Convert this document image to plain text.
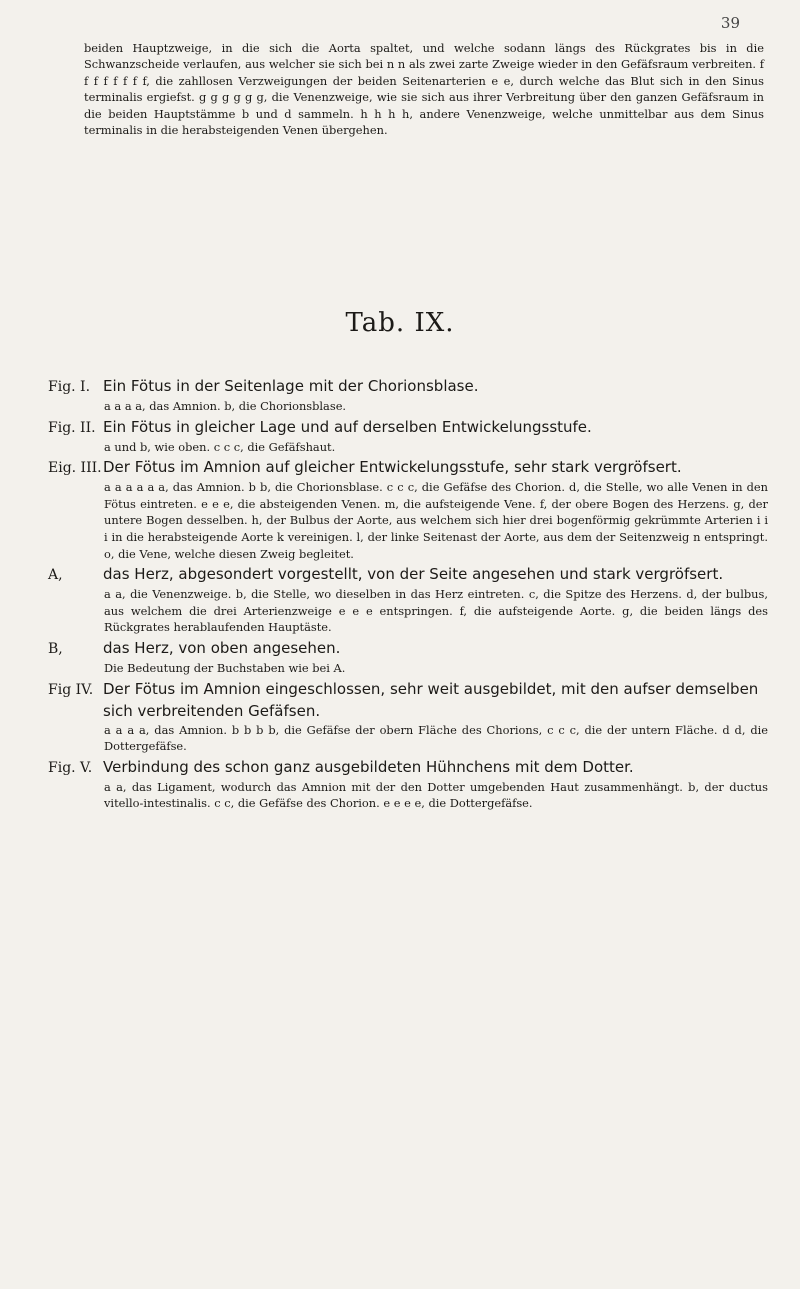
39

beiden Hauptzweige, in die sich die Aorta spaltet, und welche sodann längs des Rückgrates bis in die Schwanzscheide verlaufen, aus welcher sie sich bei n n als zwei zarte Zweige wieder in den Gefäfsraum verbreiten. f f f f f f f f, die zahllosen Verzweigungen der beiden Seitenarterien e e, durch welche das Blut sich in den Sinus terminalis ergiefst. g g g g g g, die Venenzweige, wie sie sich aus ihrer Verbreitung über den ganzen Gefäfsraum in die beiden Hauptstämme b und d sammeln. h h h h, andere Venenzweige, welche unmittelbar aus dem Sinus terminalis in die herabsteigenden Venen übergehen.

Tab. IX.
Fig. I. Ein Fötus in der Seitenlage mit der Chorionsblase.
a a a a, das Amnion. b, die Chorionsblase.
Fig. II. Ein Fötus in gleicher Lage und auf derselben Entwickelungsstufe.
a und b, wie oben. c c c, die Gefäfshaut.
Eig. III.Der Fötus im Amnion auf gleicher Entwickelungsstufe, sehr stark vergröfsert.
a a a a a a, das Amnion. b b, die Chorionsblase. c c c, die Gefäfse des Chorion. d, die Stelle, wo alle Venen in den Fötus eintreten. e e e, die absteigenden Venen. m, die aufsteigende Vene. f, der obere Bogen des Herzens. g, der untere Bogen desselben. h, der Bulbus der Aorte, aus welchem sich hier drei bogenförmig gekrümmte Arterien i i i in die herabsteigende Aorte k vereinigen. l, der linke Seitenast der Aorte, aus dem der Seitenzweig n entspringt. o, die Vene, welche diesen Zweig begleitet.
A,	das Herz, abgesondert vorgestellt, von der Seite angesehen und stark vergröfsert.
a a, die Venenzweige. b, die Stelle, wo dieselben in das Herz eintreten. c, die Spitze des Herzens. d, der bulbus, aus welchem die drei Arterienzweige e e e entspringen. f, die aufsteigende Aorte. g, die beiden längs des Rückgrates herablaufenden Hauptäste.
B,	das Herz, von oben angesehen.
Die Bedeutung der Buchstaben wie bei A.
Fig IV. Der Fötus im Amnion eingeschlossen, sehr weit ausgebildet, mit den aufser demselben sich verbreitenden Gefäfsen.
a a a a, das Amnion. b b b b, die Gefäfse der obern Fläche des Chorions, c c c, die der untern Fläche. d d, die Dottergefäfse.
Fig. V. Verbindung des schon ganz ausgebildeten Hühnchens mit dem Dotter.
a a, das Ligament, wodurch das Amnion mit der den Dotter umgebenden Haut zusammenhängt. b, der ductus vitello-intestinalis. c c, die Gefäfse des Chorion. e e e e, die Dottergefäfse.
